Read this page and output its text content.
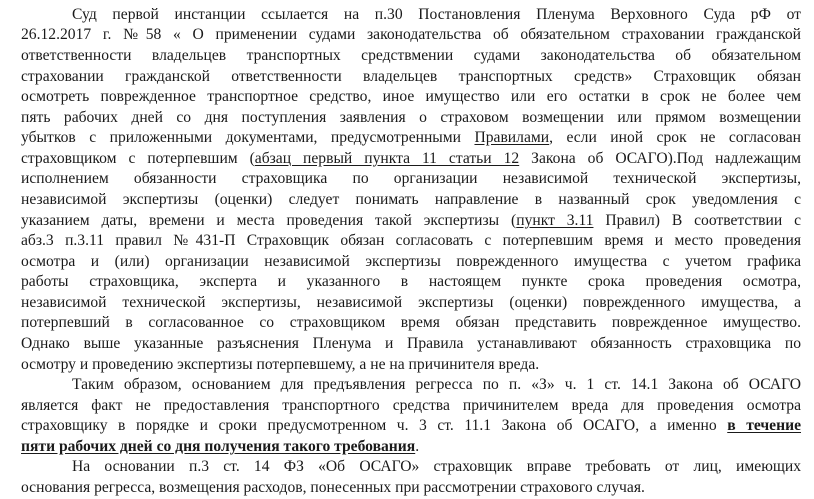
Суд первой инстанции ссылается на п.30 Постановления Пленума Верховного Суда рФ от
26.12.2017 г. №58 « О применении судами законодательства об обязательном страховании гражданской
ответственности владельцев транспортных средствмении судами законодательства об обязательном
страховании гражданской ответственности владельцев транспортных средств» Страховщик обязан
осмотреть поврежденное транспортное средство, иное имущество или его остатки в срок не более чем
пять рабочих дней со дня поступления заявления о страховом возмещении или прямом возмещении
убытков с приложенными документами, предусмотренными Правилами, если иной срок не согласован
страховщиком с потерпевшим (абзац первый пункта 11 статьи 12 Закона об ОСАГО).Под надлежащим
исполнением обязанности страховщика по организации независимой технической экспертизы,
независимой экспертизы (оценки) следует понимать направление в названный срок уведомления с
указанием даты, времени и места проведения такой экспертизы (пункт 3.11 Правил) В соответствии с
абз.3 п.3.11 правил №431-П Страховщик обязан согласовать с потерпевшим время и место проведения
осмотра и (или) организации независимой экспертизы поврежденного имущества с учетом графика
работы страховщика, эксперта и указанного в настоящем пункте срока проведения осмотра,
независимой технической экспертизы, независимой экспертизы (оценки) поврежденного имущества, а
потерпевший в согласованное со страховщиком время обязан представить поврежденное имущество.
Однако выше указанные разъяснения Пленума и Правила устанавливают обязанность страховщика по
осмотру и проведению экспертизы потерпевшему, а не на причинителя вреда.
Таким образом, основанием для предъявления регресса по п. «З» ч. 1 ст. 14.1 Закона об ОСАГО
является факт не предоставления транспортного средства причинителем вреда для проведения осмотра
страховщику в порядке и сроки предусмотренном ч. 3 ст. 11.1 Закона об ОСАГО, а именно в течение
пяти рабочих дней со дня получения такого требования.
На основании п.3 ст. 14 ФЗ «Об ОСАГО» страховщик вправе требовать от лиц, имеющих
основания регресса, возмещения расходов, понесенных при рассмотрении страхового случая.
